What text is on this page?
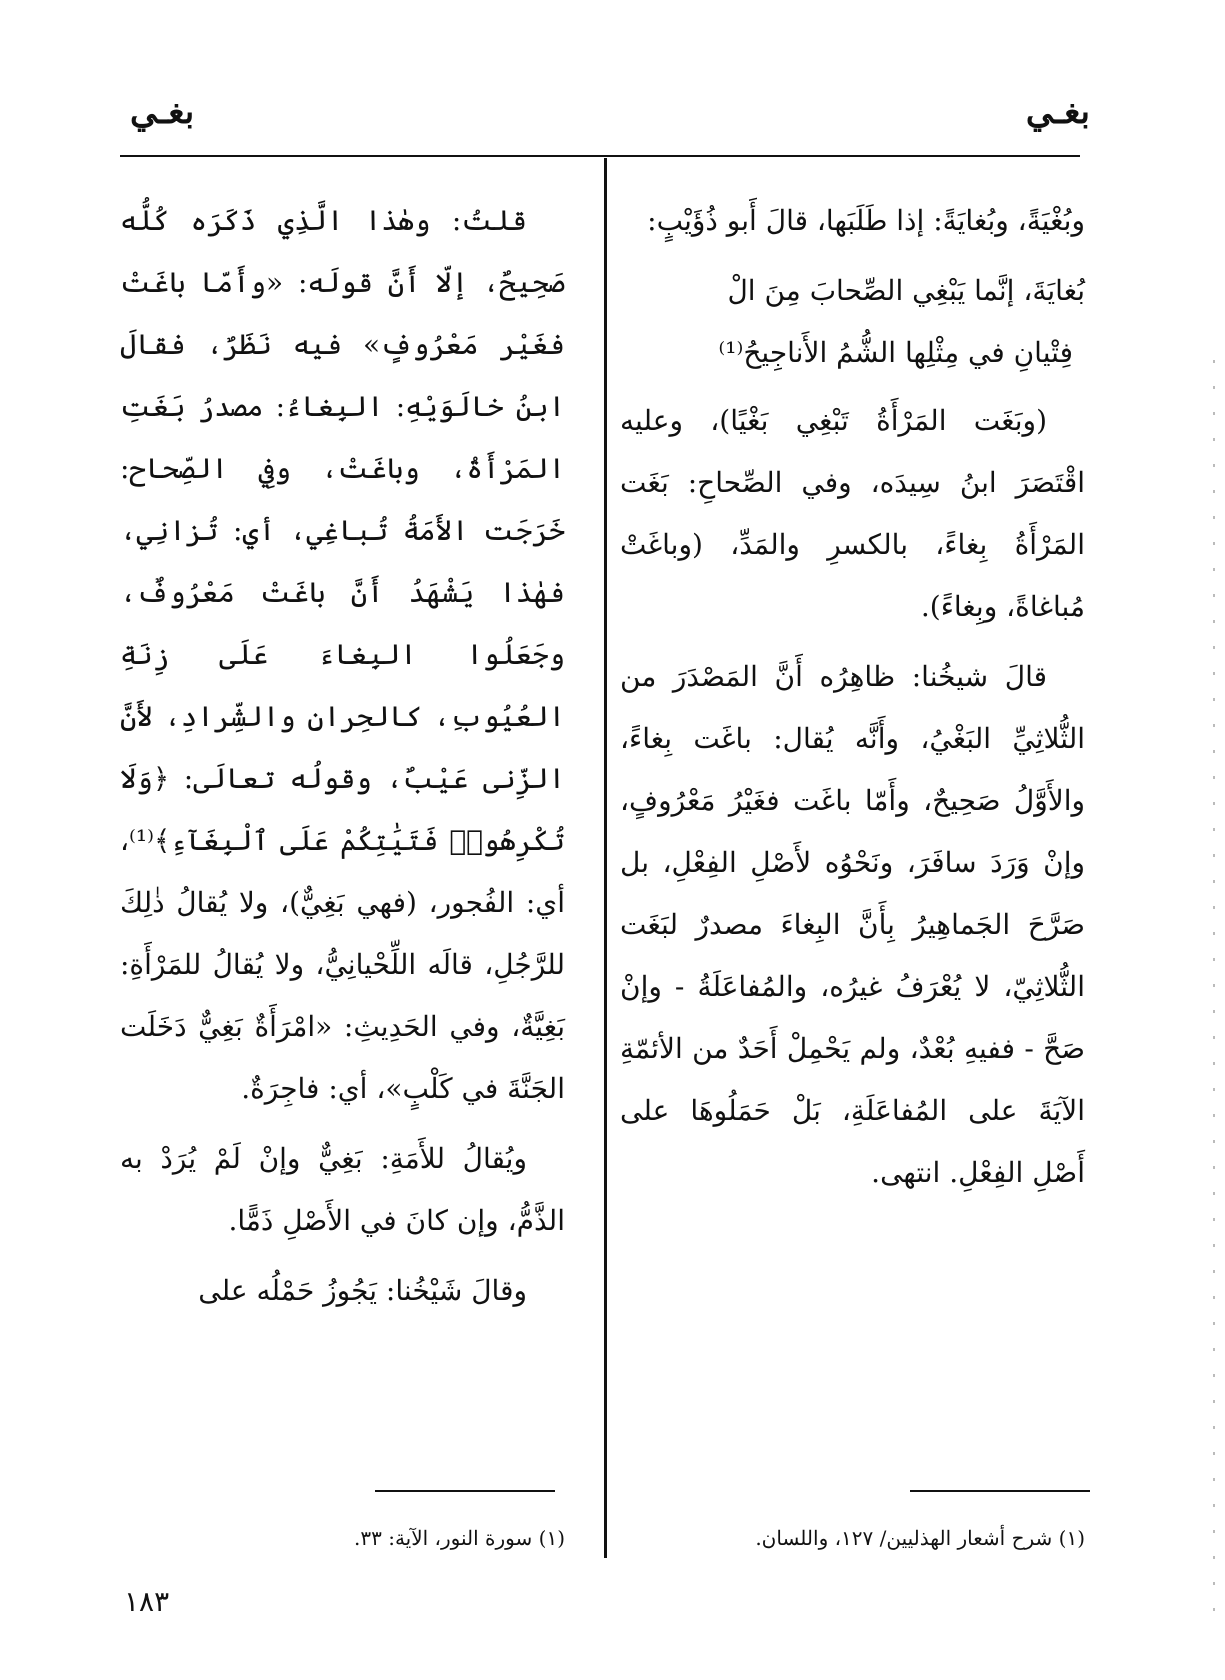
بغـي
بغـي

وبُغْيَةً، وبُغايَةً: إذا طَلَبَها، قالَ أَبو ذُؤَيْبٍ:

بُغايَةَ، إنَّما يَبْغِي الصِّحابَ مِنَ الْ
فِتْيانِ في مِثْلِها الشُّمُ الأَناجِيحُ⁽¹⁾

(وبَغَت المَرْأَةُ تَبْغِي بَغْيًا)، وعليه اقْتَصَرَ ابنُ سِيدَه، وفي الصِّحاحِ: بَغَت المَرْأَةُ بِغاءً، بالكسرِ والمَدِّ، (وباغَتْ مُباغاةً، وبِغاءً).

قالَ شيخُنا: ظاهِرُه أَنَّ المَصْدَرَ من الثُّلاثِيِّ البَغْيُ، وأَنَّه يُقال: باغَت بِغاءً، والأَوَّلُ صَحِيحٌ، وأَمّا باغَت فغَيْرُ مَعْرُوفٍ، وإنْ وَرَدَ سافَرَ، ونَحْوُه لأَصْلِ الفِعْلِ، بل صَرَّحَ الجَماهِيرُ بِأَنَّ البِغاءَ مصدرٌ لبَغَت الثُّلاثِيّ، لا يُعْرَفُ غيرُه، والمُفاعَلَةُ - وإنْ صَحَّ - ففيهِ بُعْدٌ، ولم يَحْمِلْ أَحَدٌ من الأئمّةِ الآيَةَ على المُفاعَلَةِ، بَلْ حَمَلُوهَا على أَصْلِ الفِعْلِ. انتهى.

قلتُ: وهٰذا الَّذِي ذَكَرَه كُلُّه صَحِيحٌ، إلّا أَنَّ قولَه: «وأَمّا باغَتْ فغَيْر مَعْرُوفٍ» فيه نَظَرٌ، فقالَ ابنُ خالَوَيْهِ: البِغاءُ: مصدرُ بَغَتِ المَرْأَةُ، وباغَتْ، وفِي الصِّحاح: خَرَجَت الأَمَةُ تُباغِي، أي: تُزانِي، فهٰذا يَشْهَدُ أَنَّ باغَتْ مَعْرُوفٌ، وجَعَلُوا البِغاءَ عَلَى زِنَةِ العُيُوبِ، كالحِرانِ والشِّرادِ، لأَنَّ الزِّنى عَيْبٌ، وقولُه تعالَى: ﴿وَلَا تُكْرِهُوا۟ فَتَيَٰتِكُمْ عَلَى ٱلْبِغَآءِ﴾⁽¹⁾، أي: الفُجور، (فهي بَغِيٌّ)، ولا يُقالُ ذٰلِكَ للرَّجُلِ، قالَه اللِّحْيانِيُّ، ولا يُقالُ للمَرْأَةِ: بَغِيَّةٌ، وفي الحَدِيثِ: «امْرَأَةٌ بَغِيٌّ دَخَلَت الجَنَّةَ في كَلْبٍ»، أي: فاجِرَةٌ.

ويُقالُ للأَمَةِ: بَغِيٌّ وإنْ لَمْ يُرَدْ به الذَّمُّ، وإن كانَ في الأَصْلِ ذَمًّا.

وقالَ شَيْخُنا: يَجُوزُ حَمْلُه على

(١) شرح أشعار الهذليين/ ١٢٧، واللسان.
(١) سورة النور، الآية: ٣٣.
١٨٣
